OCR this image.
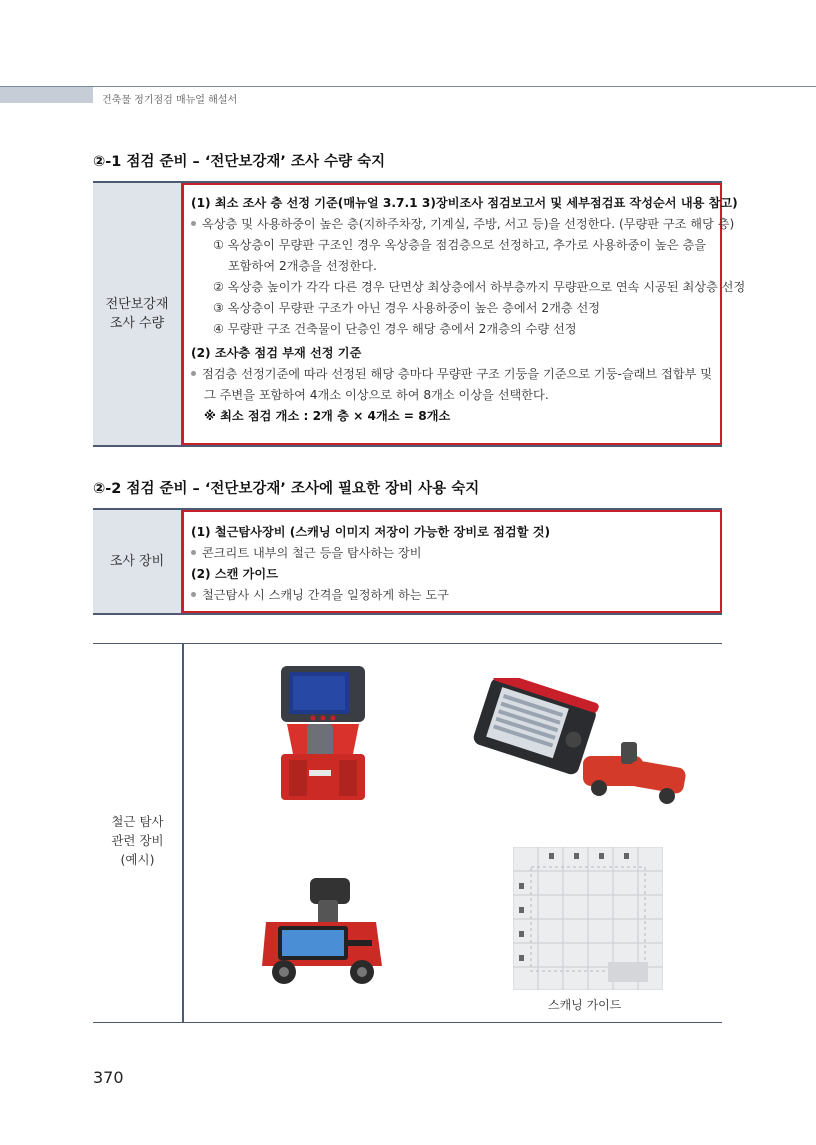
건축물 정기점검 매뉴얼 해설서
②-1 점검 준비 – ‘전단보강재’ 조사 수량 숙지
전단보강재
조사 수량
(1) 최소 조사 층 선정 기준(매뉴얼 3.7.1 3)장비조사 점검보고서 및 세부점검표 작성순서 내용 참고)
옥상층 및 사용하중이 높은 층(지하주차장, 기계실, 주방, 서고 등)을 선정한다. (무량판 구조 해당 층)
① 옥상층이 무량판 구조인 경우 옥상층을 점검층으로 선정하고, 추가로 사용하중이 높은 층을
포함하여 2개층을 선정한다.
② 옥상층 높이가 각각 다른 경우 단면상 최상층에서 하부층까지 무량판으로 연속 시공된 최상층 선정
③ 옥상층이 무량판 구조가 아닌 경우 사용하중이 높은 층에서 2개층 선정
④ 무량판 구조 건축물이 단층인 경우 해당 층에서 2개층의 수량 선정
(2) 조사층 점검 부재 선정 기준
점검층 선정기준에 따라 선정된 해당 층마다 무량판 구조 기둥을 기준으로 기둥-슬래브 접합부 및
그 주변을 포함하여 4개소 이상으로 하여 8개소 이상을 선택한다.
※ 최소 점검 개소 : 2개 층 × 4개소 = 8개소
②-2 점검 준비 – ‘전단보강재’ 조사에 필요한 장비 사용 숙지
조사 장비
(1) 철근탐사장비 (스캐닝 이미지 저장이 가능한 장비로 점검할 것)
콘크리트 내부의 철근 등을 탐사하는 장비
(2) 스캔 가이드
철근탐사 시 스캐닝 간격을 일정하게 하는 도구
철근 탐사
관련 장비
(예시)
스캐닝 가이드
370
